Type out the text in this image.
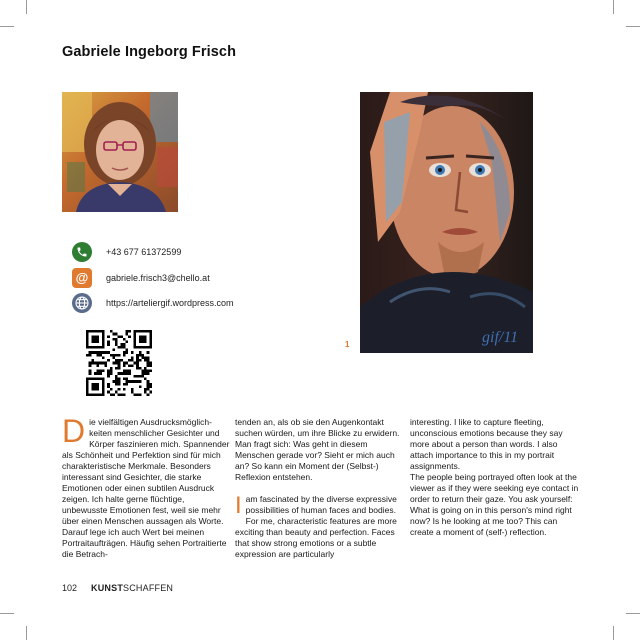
Gabriele Ingeborg Frisch
gif/11
1
+43 677 61372599
@ gabriele.frisch3@chello.at
https://arteliergif.wordpress.com

Die vielfältigen Ausdrucksmöglich-keiten menschlicher Gesichter und Körper faszinieren mich. Spannender als Schönheit und Perfektion sind für mich charakteristische Merkmale. Besonders interessant sind Gesichter, die starke Emotionen oder einen subtilen Ausdruck zeigen. Ich halte gerne flüchtige, unbewusste Emotionen fest, weil sie mehr über einen Menschen aussagen als Worte. Darauf lege ich auch Wert bei meinen Portraitaufträgen. Häufig sehen Portraitierte die Betrach-

tenden an, als ob sie den Augenkontakt suchen würden, um ihre Blicke zu erwidern. Man fragt sich: Was geht in diesem Menschen gerade vor? Sieht er mich auch an? So kann ein Moment der (Selbst-) Reflexion entstehen.

Iam fascinated by the diverse expressive possibilities of human faces and bodies. For me, characteristic features are more exciting than beauty and perfection. Faces that show strong emotions or a subtle expression are particularly

interesting. I like to capture fleeting, unconscious emotions because they say more about a person than words. I also attach importance to this in my portrait assignments.

The people being portrayed often look at the viewer as if they were seeking eye contact in order to return their gaze. You ask yourself: What is going on in this person's mind right now? Is he looking at me too? This can create a moment of (self-) reflection.

102 KUNSTSCHAFFEN
